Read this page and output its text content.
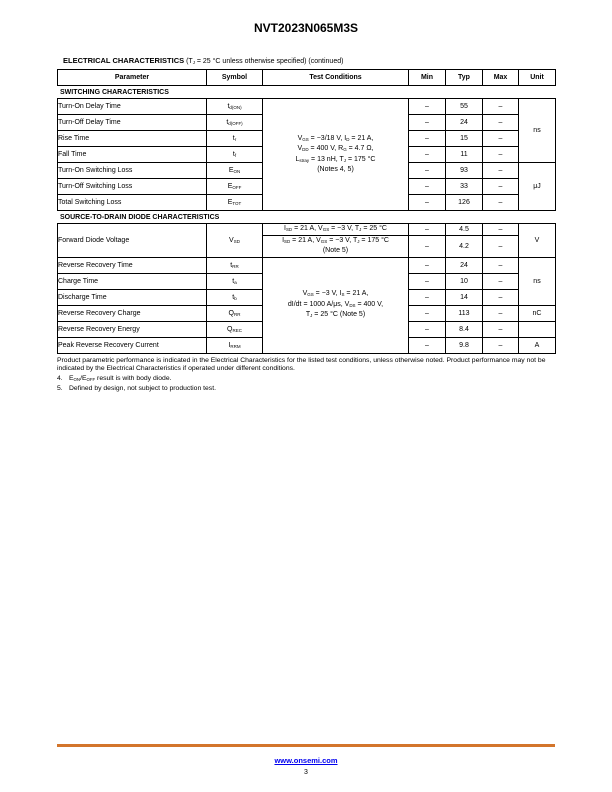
NVT2023N065M3S
ELECTRICAL CHARACTERISTICS ($T_J = 25$ °C unless otherwise specified) (continued)
Parameter	Symbol	Test Conditions	Min	Typ	Max	Unit
SWITCHING CHARACTERISTICS
Turn-On Delay Time	$t_{d(ON)}$	$V_{GS} = -3/18$ V, $I_D = 21$ A,
$V_{DD} = 400$ V, $R_G = 4.7$ Ω,
$L_{stray} = 13$ nH, $T_J = 175$ °C
(Notes 4, 5)	–	55	–	ns
Turn-Off Delay Time	$t_{d(OFF)}$		–	24	–	
Rise Time	$t_r$		–	15	–	
Fall Time	$t_f$		–	11	–	
Turn-On Switching Loss	$E_{ON}$		–	93	–	μJ
Turn-Off Switching Loss	$E_{OFF}$		–	33	–	
Total Switching Loss	$E_{TOT}$		–	126	–	
SOURCE-TO-DRAIN DIODE CHARACTERISTICS
Forward Diode Voltage	$V_{SD}$	$I_{SD} = 21$ A, $V_{GS} = -3$ V, $T_J = 25$ °C	–	4.5	–	V
		$I_{SD} = 21$ A, $V_{GS} = -3$ V, $T_J = 175$ °C
(Note 5)	–	4.2	–	
Reverse Recovery Time	$t_{RR}$	$V_{GS} = -3$ V, $I_S = 21$ A,
dI/dt = 1000 A/μs, $V_{DS} = 400$ V,
$T_J = 25$ °C (Note 5)	–	24	–	ns
Charge Time	$t_a$		–	10	–	
Discharge Time	$t_b$		–	14	–	
Reverse Recovery Charge	$Q_{RR}$		–	113	–	nC
Reverse Recovery Energy	$Q_{REC}$		–	8.4	–	
Peak Reverse Recovery Current	$I_{RRM}$		–	9.8	–	A
Product parametric performance is indicated in the Electrical Characteristics for the listed test conditions, unless otherwise noted. Product performance may not be indicated by the Electrical Characteristics if operated under different conditions.
4. $E_{ON}/E_{OFF}$ result is with body diode.
5. Defined by design, not subject to production test.
www.onsemi.com
3
